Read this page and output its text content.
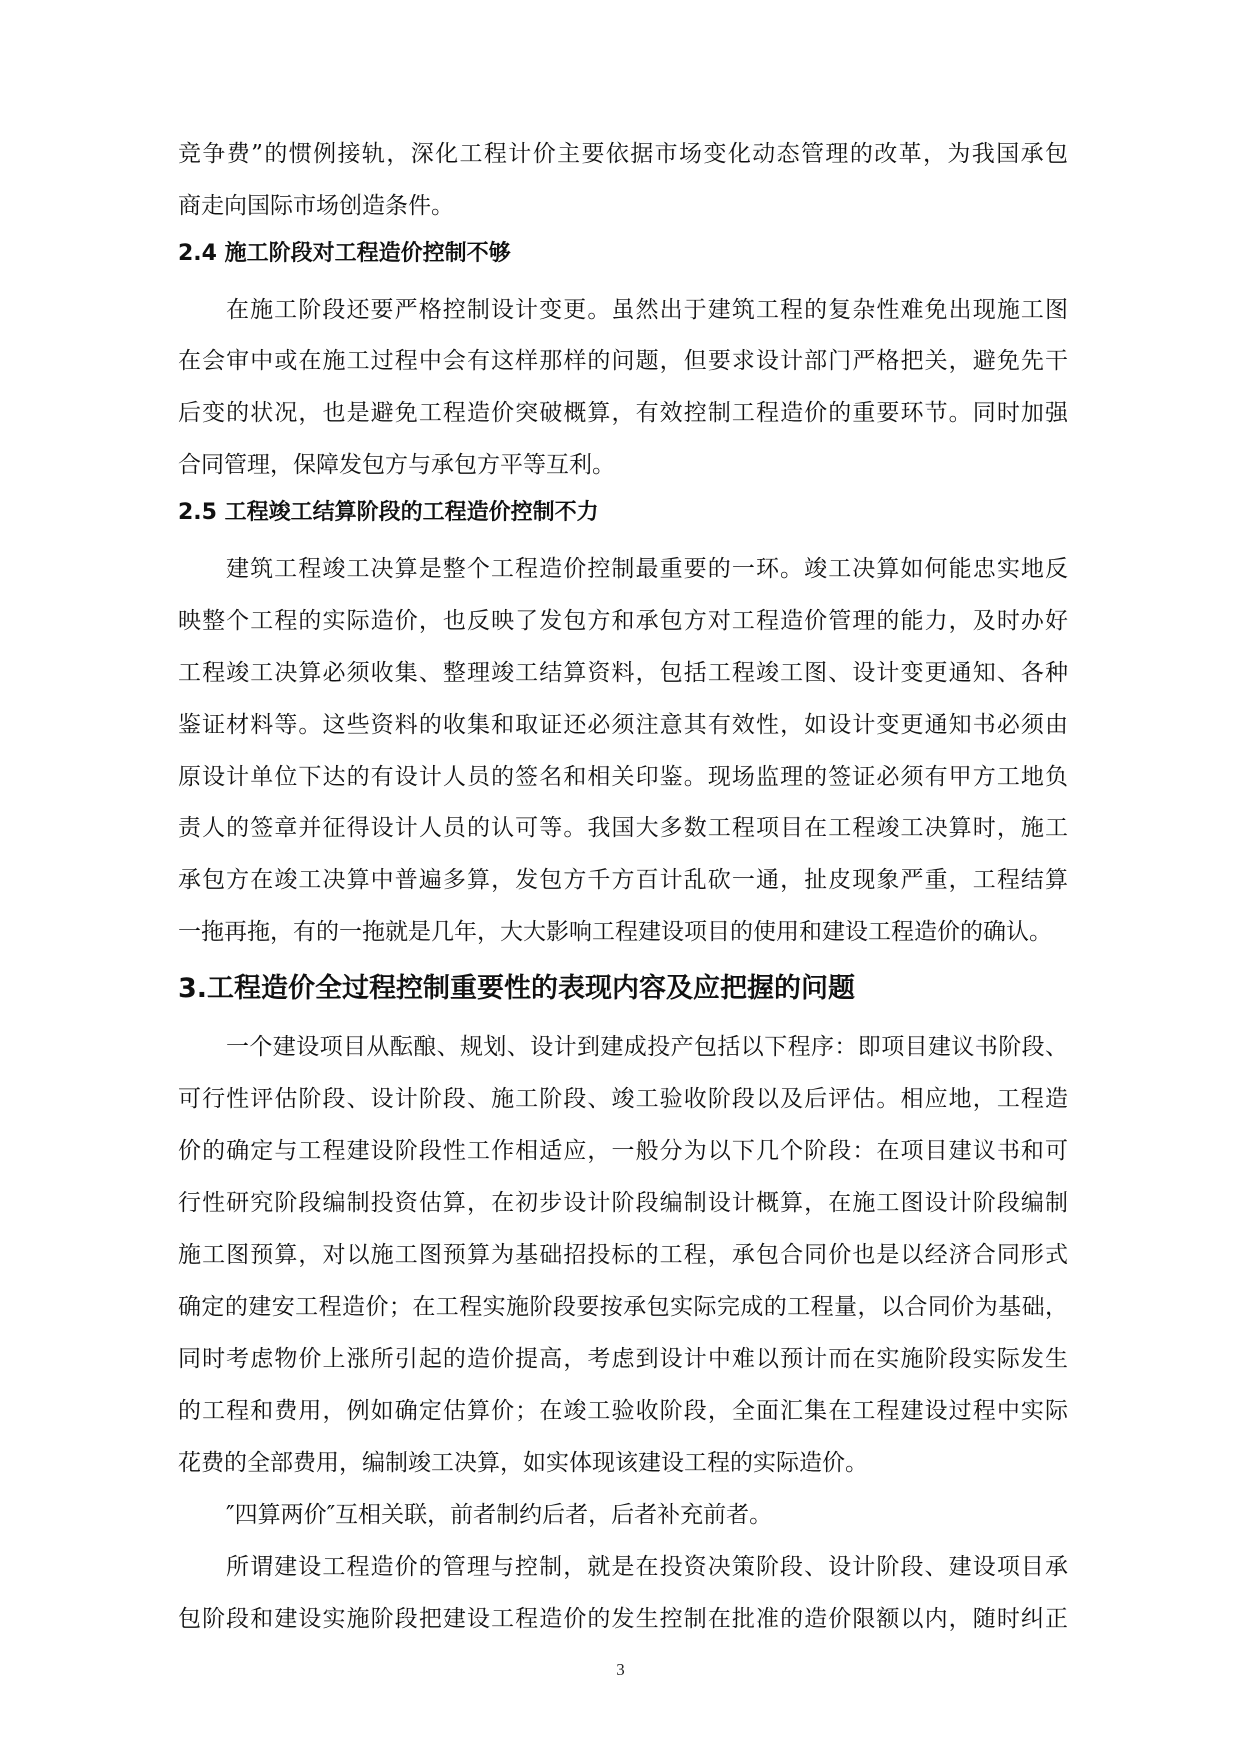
竞争费”的惯例接轨，深化工程计价主要依据市场变化动态管理的改革，为我国承包
商走向国际市场创造条件。
2.4 施工阶段对工程造价控制不够
在施工阶段还要严格控制设计变更。虽然出于建筑工程的复杂性难免出现施工图
在会审中或在施工过程中会有这样那样的问题，但要求设计部门严格把关，避免先干
后变的状况，也是避免工程造价突破概算，有效控制工程造价的重要环节。同时加强
合同管理，保障发包方与承包方平等互利。
2.5 工程竣工结算阶段的工程造价控制不力
建筑工程竣工决算是整个工程造价控制最重要的一环。竣工决算如何能忠实地反
映整个工程的实际造价，也反映了发包方和承包方对工程造价管理的能力，及时办好
工程竣工决算必须收集、整理竣工结算资料，包括工程竣工图、设计变更通知、各种
鉴证材料等。这些资料的收集和取证还必须注意其有效性，如设计变更通知书必须由
原设计单位下达的有设计人员的签名和相关印鉴。现场监理的签证必须有甲方工地负
责人的签章并征得设计人员的认可等。我国大多数工程项目在工程竣工决算时，施工
承包方在竣工决算中普遍多算，发包方千方百计乱砍一通，扯皮现象严重，工程结算
一拖再拖，有的一拖就是几年，大大影响工程建设项目的使用和建设工程造价的确认。
3.工程造价全过程控制重要性的表现内容及应把握的问题
一个建设项目从酝酿、规划、设计到建成投产包括以下程序：即项目建议书阶段、
可行性评估阶段、设计阶段、施工阶段、竣工验收阶段以及后评估。相应地，工程造
价的确定与工程建设阶段性工作相适应，一般分为以下几个阶段：在项目建议书和可
行性研究阶段编制投资估算，在初步设计阶段编制设计概算，在施工图设计阶段编制
施工图预算，对以施工图预算为基础招投标的工程，承包合同价也是以经济合同形式
确定的建安工程造价；在工程实施阶段要按承包实际完成的工程量，以合同价为基础，
同时考虑物价上涨所引起的造价提高，考虑到设计中难以预计而在实施阶段实际发生
的工程和费用，例如确定估算价；在竣工验收阶段，全面汇集在工程建设过程中实际
花费的全部费用，编制竣工决算，如实体现该建设工程的实际造价。
″四算两价″互相关联，前者制约后者，后者补充前者。
所谓建设工程造价的管理与控制，就是在投资决策阶段、设计阶段、建设项目承
包阶段和建设实施阶段把建设工程造价的发生控制在批准的造价限额以内，随时纠正
3
